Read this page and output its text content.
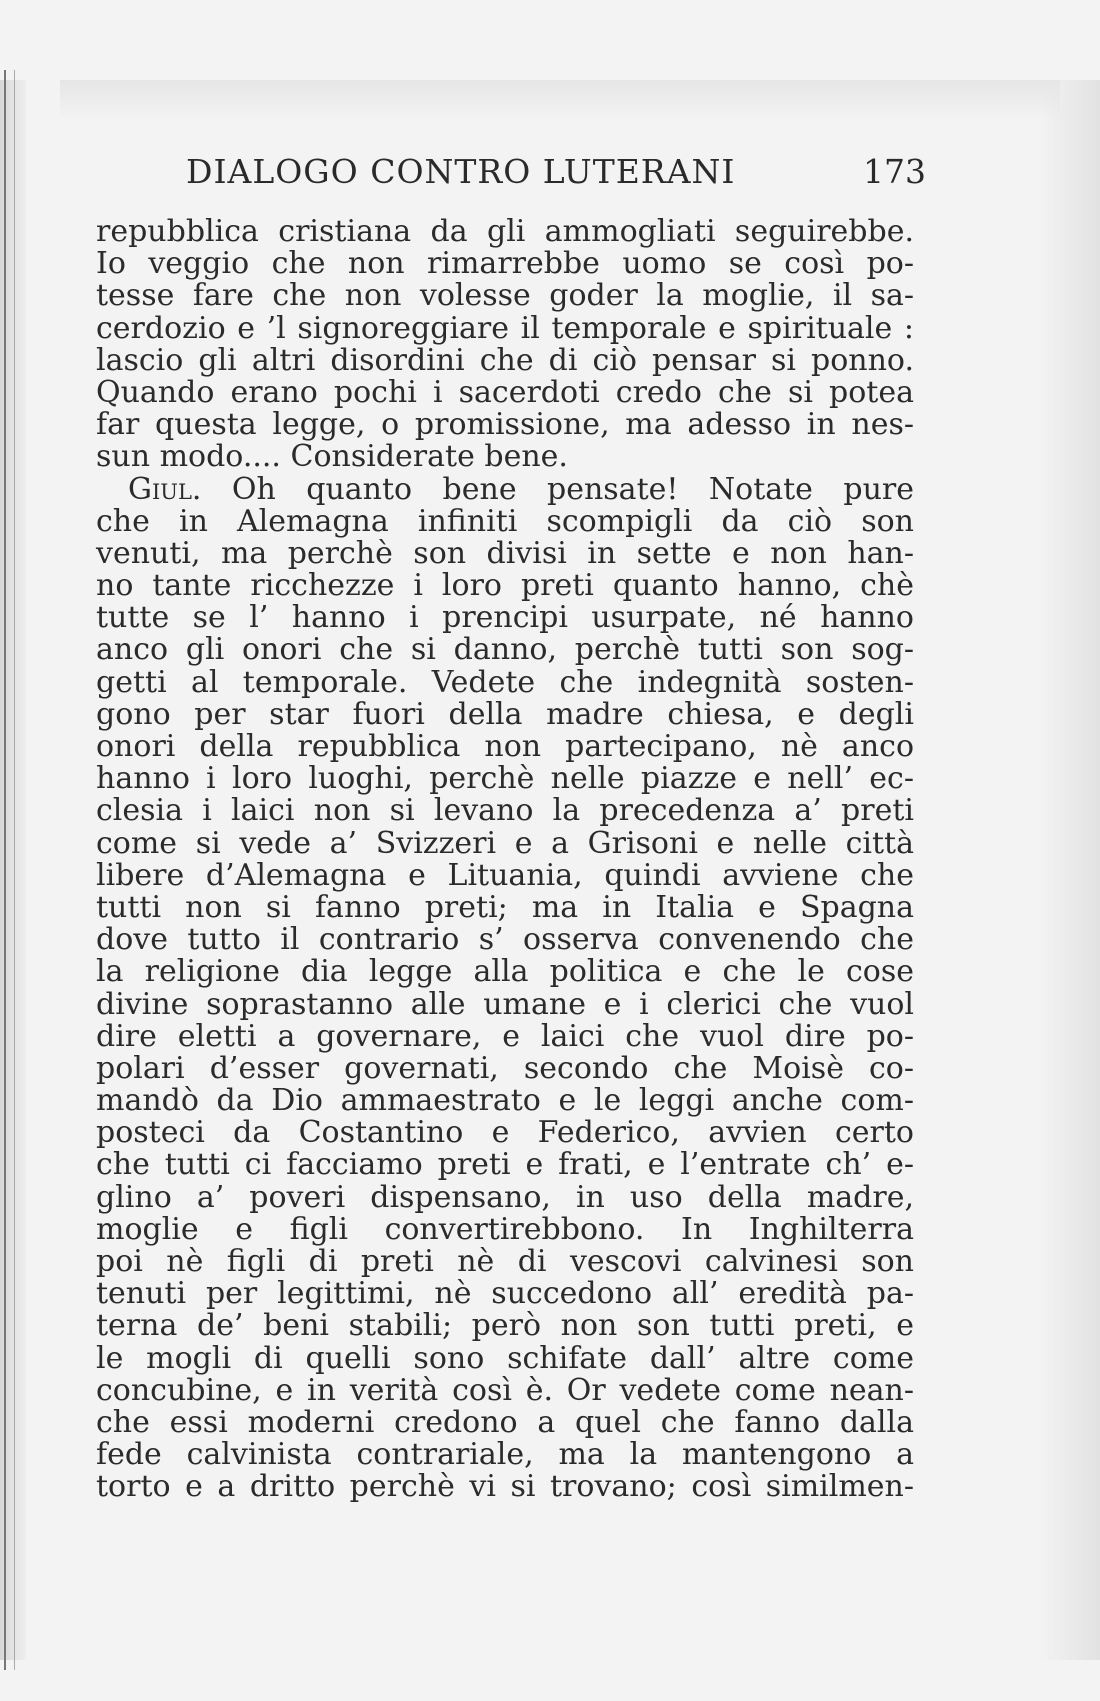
DIALOGO CONTRO LUTERANI	173
repubblica cristiana da gli ammogliati seguirebbe.
Io veggio che non rimarrebbe uomo se così po-
tesse fare che non volesse goder la moglie, il sa-
cerdozio e ’l signoreggiare il temporale e spirituale :
lascio gli altri disordini che di ciò pensar si ponno.
Quando erano pochi i sacerdoti credo che si potea
far questa legge, o promissione, ma adesso in nes-
sun modo.... Considerate bene.
Giul. Oh quanto bene pensate! Notate pure
che in Alemagna infiniti scompigli da ciò son
venuti, ma perchè son divisi in sette e non han-
no tante ricchezze i loro preti quanto hanno, chè
tutte se l’ hanno i prencipi usurpate, né hanno
anco gli onori che si danno, perchè tutti son sog-
getti al temporale. Vedete che indegnità sosten-
gono per star fuori della madre chiesa, e degli
onori della repubblica non partecipano, nè anco
hanno i loro luoghi, perchè nelle piazze e nell’ ec-
clesia i laici non si levano la precedenza a’ preti
come si vede a’ Svizzeri e a Grisoni e nelle città
libere d’Alemagna e Lituania, quindi avviene che
tutti non si fanno preti; ma in Italia e Spagna
dove tutto il contrario s’ osserva convenendo che
la religione dia legge alla politica e che le cose
divine soprastanno alle umane e i clerici che vuol
dire eletti a governare, e laici che vuol dire po-
polari d’esser governati, secondo che Moisè co-
mandò da Dio ammaestrato e le leggi anche com-
posteci da Costantino e Federico, avvien certo
che tutti ci facciamo preti e frati, e l’entrate ch’ e-
glino a’ poveri dispensano, in uso della madre,
moglie e figli convertirebbono. In Inghilterra
poi nè figli di preti nè di vescovi calvinesi son
tenuti per legittimi, nè succedono all’ eredità pa-
terna de’ beni stabili; però non son tutti preti, e
le mogli di quelli sono schifate dall’ altre come
concubine, e in verità così è. Or vedete come nean-
che essi moderni credono a quel che fanno dalla
fede calvinista contrariale, ma la mantengono a
torto e a dritto perchè vi si trovano; così similmen-
